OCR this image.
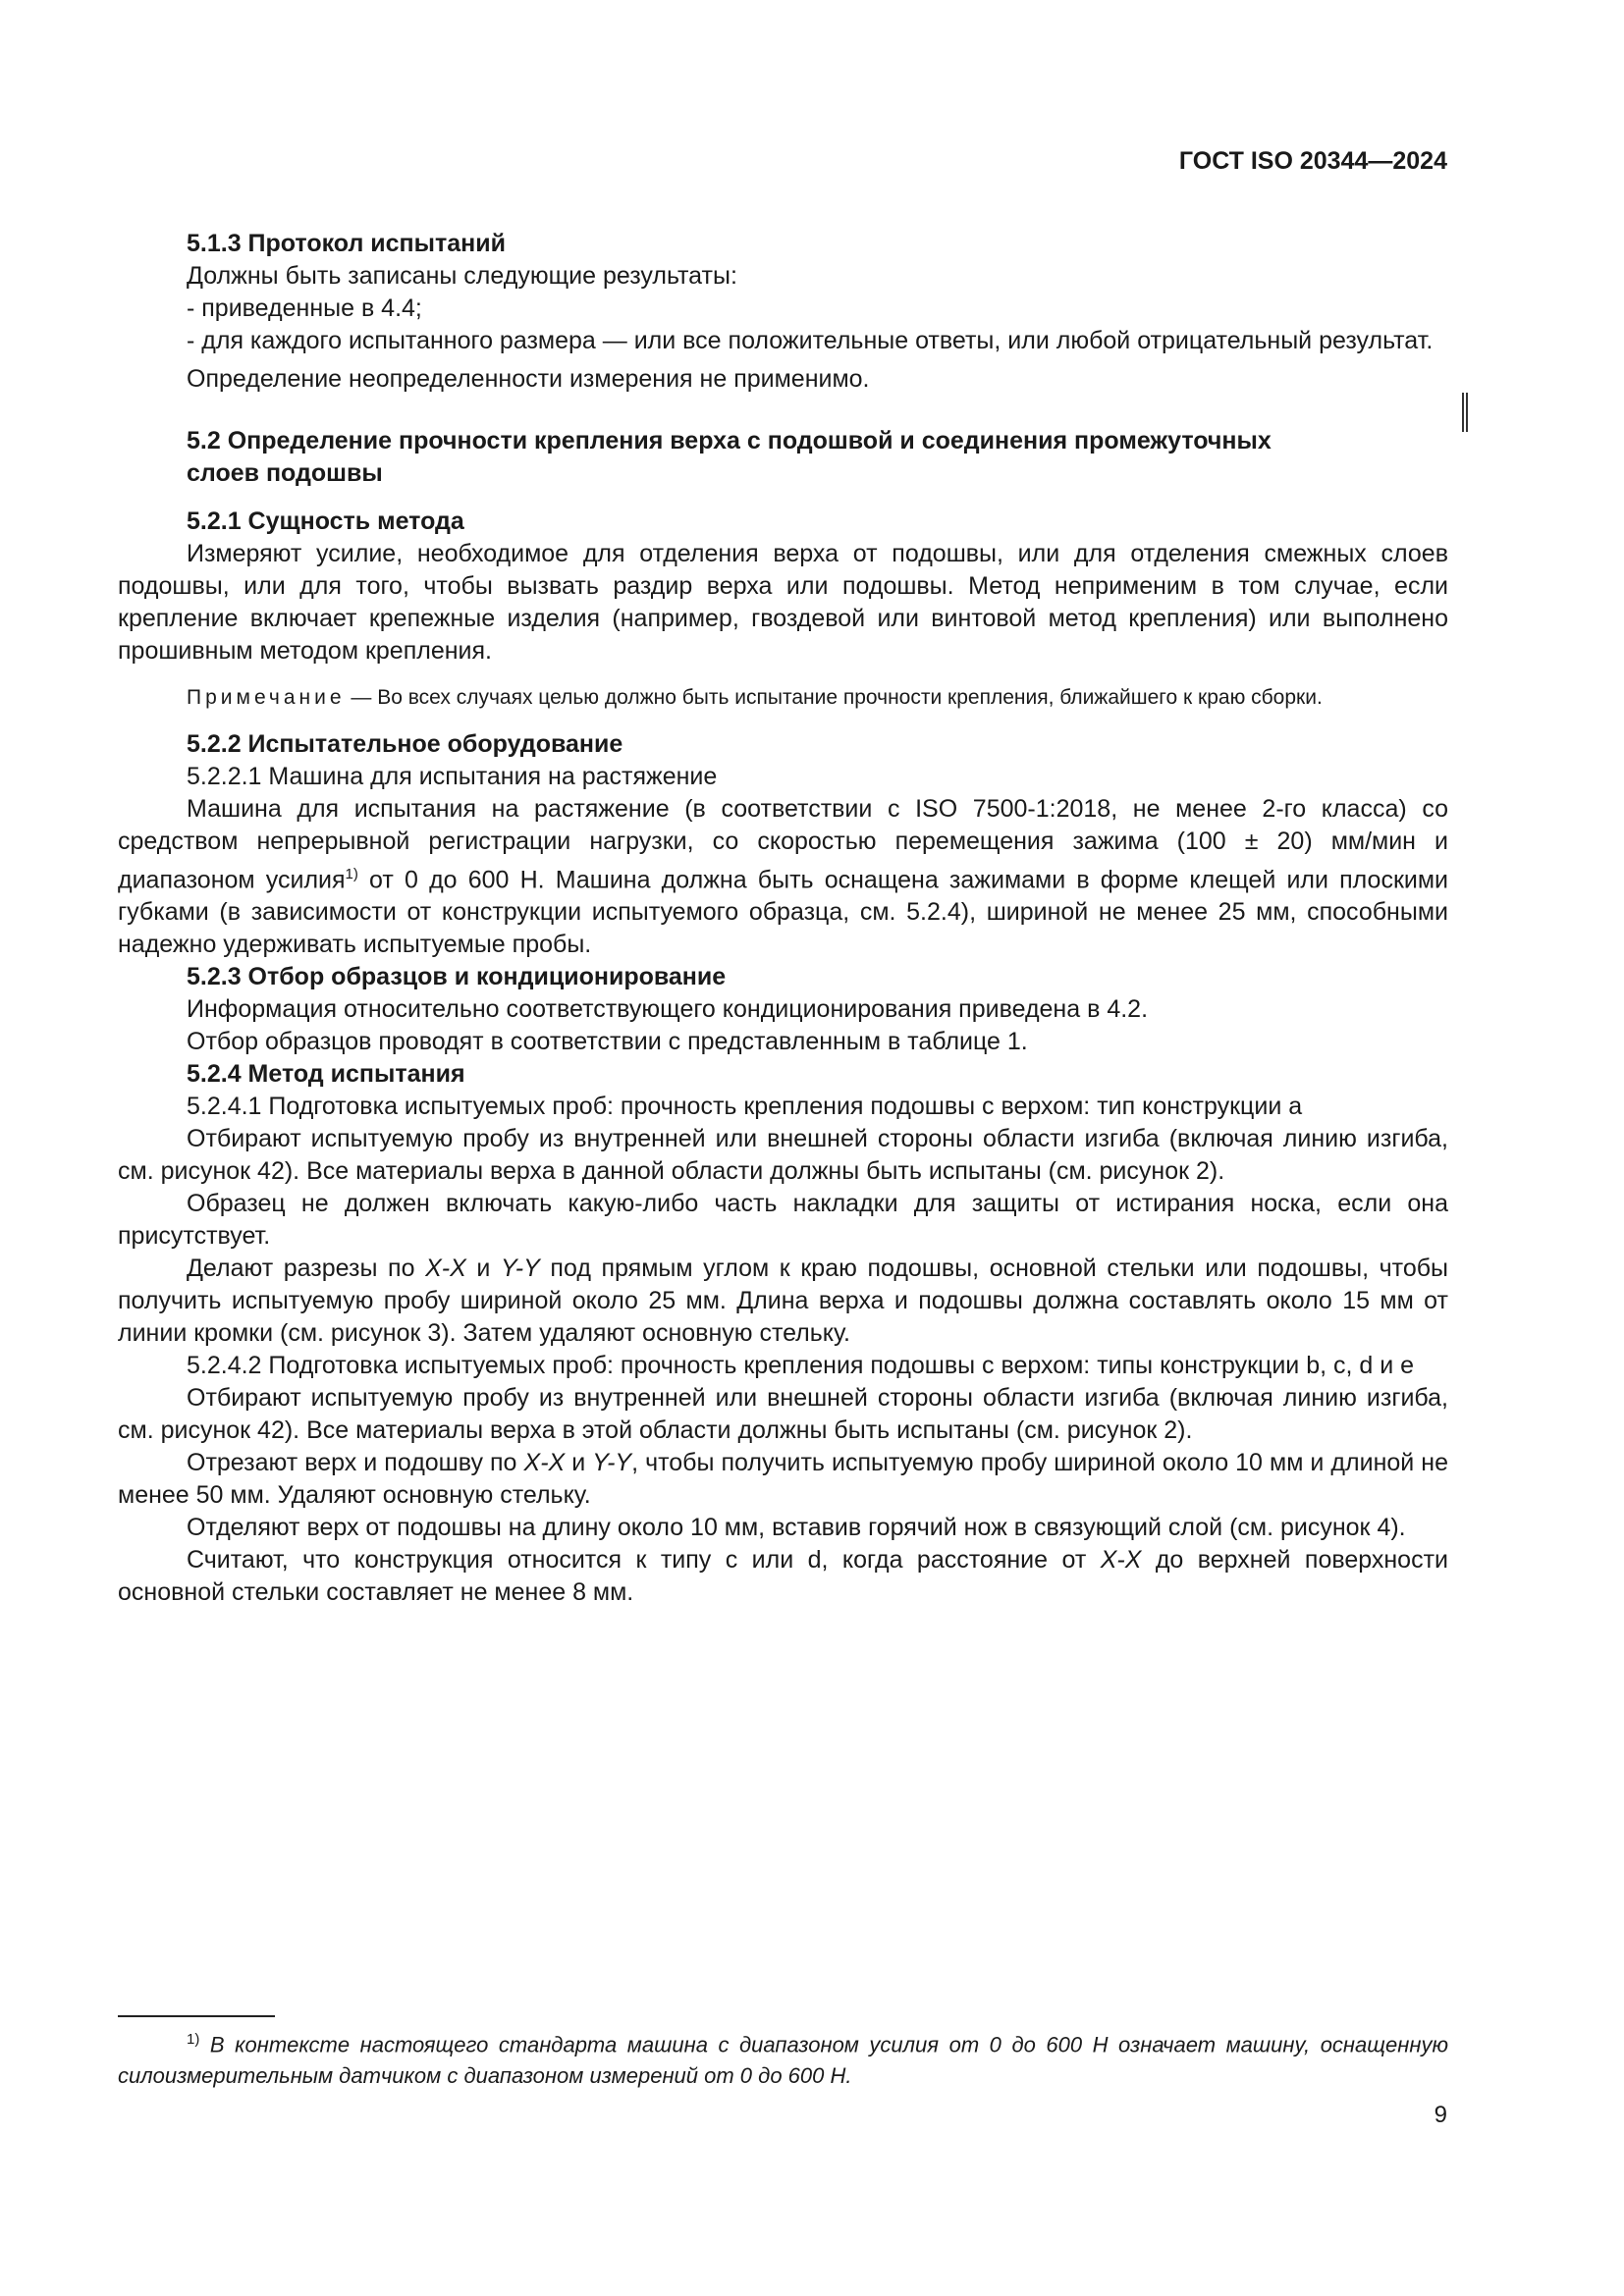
ГОСТ ISO 20344—2024
5.1.3 Протокол испытаний

Должны быть записаны следующие результаты:

- приведенные в 4.4;

- для каждого испытанного размера — или все положительные ответы, или любой отрицательный результат.

Определение неопределенности измерения не применимо.

5.2 Определение прочности крепления верха с подошвой и соединения промежуточных
слоев подошвы
5.2.1 Сущность метода

Измеряют усилие, необходимое для отделения верха от подошвы, или для отделения смежных слоев подошвы, или для того, чтобы вызвать раздир верха или подошвы. Метод неприменим в том случае, если крепление включает крепежные изделия (например, гвоздевой или винтовой метод крепления) или выполнено прошивным методом крепления.

Примечание — Во всех случаях целью должно быть испытание прочности крепления, ближайшего к краю сборки.

5.2.2 Испытательное оборудование

5.2.2.1 Машина для испытания на растяжение

Машина для испытания на растяжение (в соответствии с ISO 7500-1:2018, не менее 2-го класса) со средством непрерывной регистрации нагрузки, со скоростью перемещения зажима (100 ± 20) мм/мин и диапазоном усилия$^{1)}$ от 0 до 600 Н. Машина должна быть оснащена зажимами в форме клещей или плоскими губками (в зависимости от конструкции испытуемого образца, см. 5.2.4), шириной не менее 25 мм, способными надежно удерживать испытуемые пробы.

5.2.3 Отбор образцов и кондиционирование

Информация относительно соответствующего кондиционирования приведена в 4.2.

Отбор образцов проводят в соответствии с представленным в таблице 1.

5.2.4 Метод испытания

5.2.4.1 Подготовка испытуемых проб: прочность крепления подошвы с верхом: тип конструкции а

Отбирают испытуемую пробу из внутренней или внешней стороны области изгиба (включая линию изгиба, см. рисунок 42). Все материалы верха в данной области должны быть испытаны (см. рисунок 2).

Образец не должен включать какую-либо часть накладки для защиты от истирания носка, если она присутствует.

Делают разрезы по X-X и Y-Y под прямым углом к краю подошвы, основной стельки или подошвы, чтобы получить испытуемую пробу шириной около 25 мм. Длина верха и подошвы должна составлять около 15 мм от линии кромки (см. рисунок 3). Затем удаляют основную стельку.

5.2.4.2 Подготовка испытуемых проб: прочность крепления подошвы с верхом: типы конструкции b, c, d и e

Отбирают испытуемую пробу из внутренней или внешней стороны области изгиба (включая линию изгиба, см. рисунок 42). Все материалы верха в этой области должны быть испытаны (см. рисунок 2).

Отрезают верх и подошву по X-X и Y-Y, чтобы получить испытуемую пробу шириной около 10 мм и длиной не менее 50 мм. Удаляют основную стельку.

Отделяют верх от подошвы на длину около 10 мм, вставив горячий нож в связующий слой (см. рисунок 4).

Считают, что конструкция относится к типу с или d, когда расстояние от X-X до верхней поверхности основной стельки составляет не менее 8 мм.

$^{1)}$ В контексте настоящего стандарта машина с диапазоном усилия от 0 до 600 Н означает машину, оснащенную силоизмерительным датчиком с диапазоном измерений от 0 до 600 Н.
9
